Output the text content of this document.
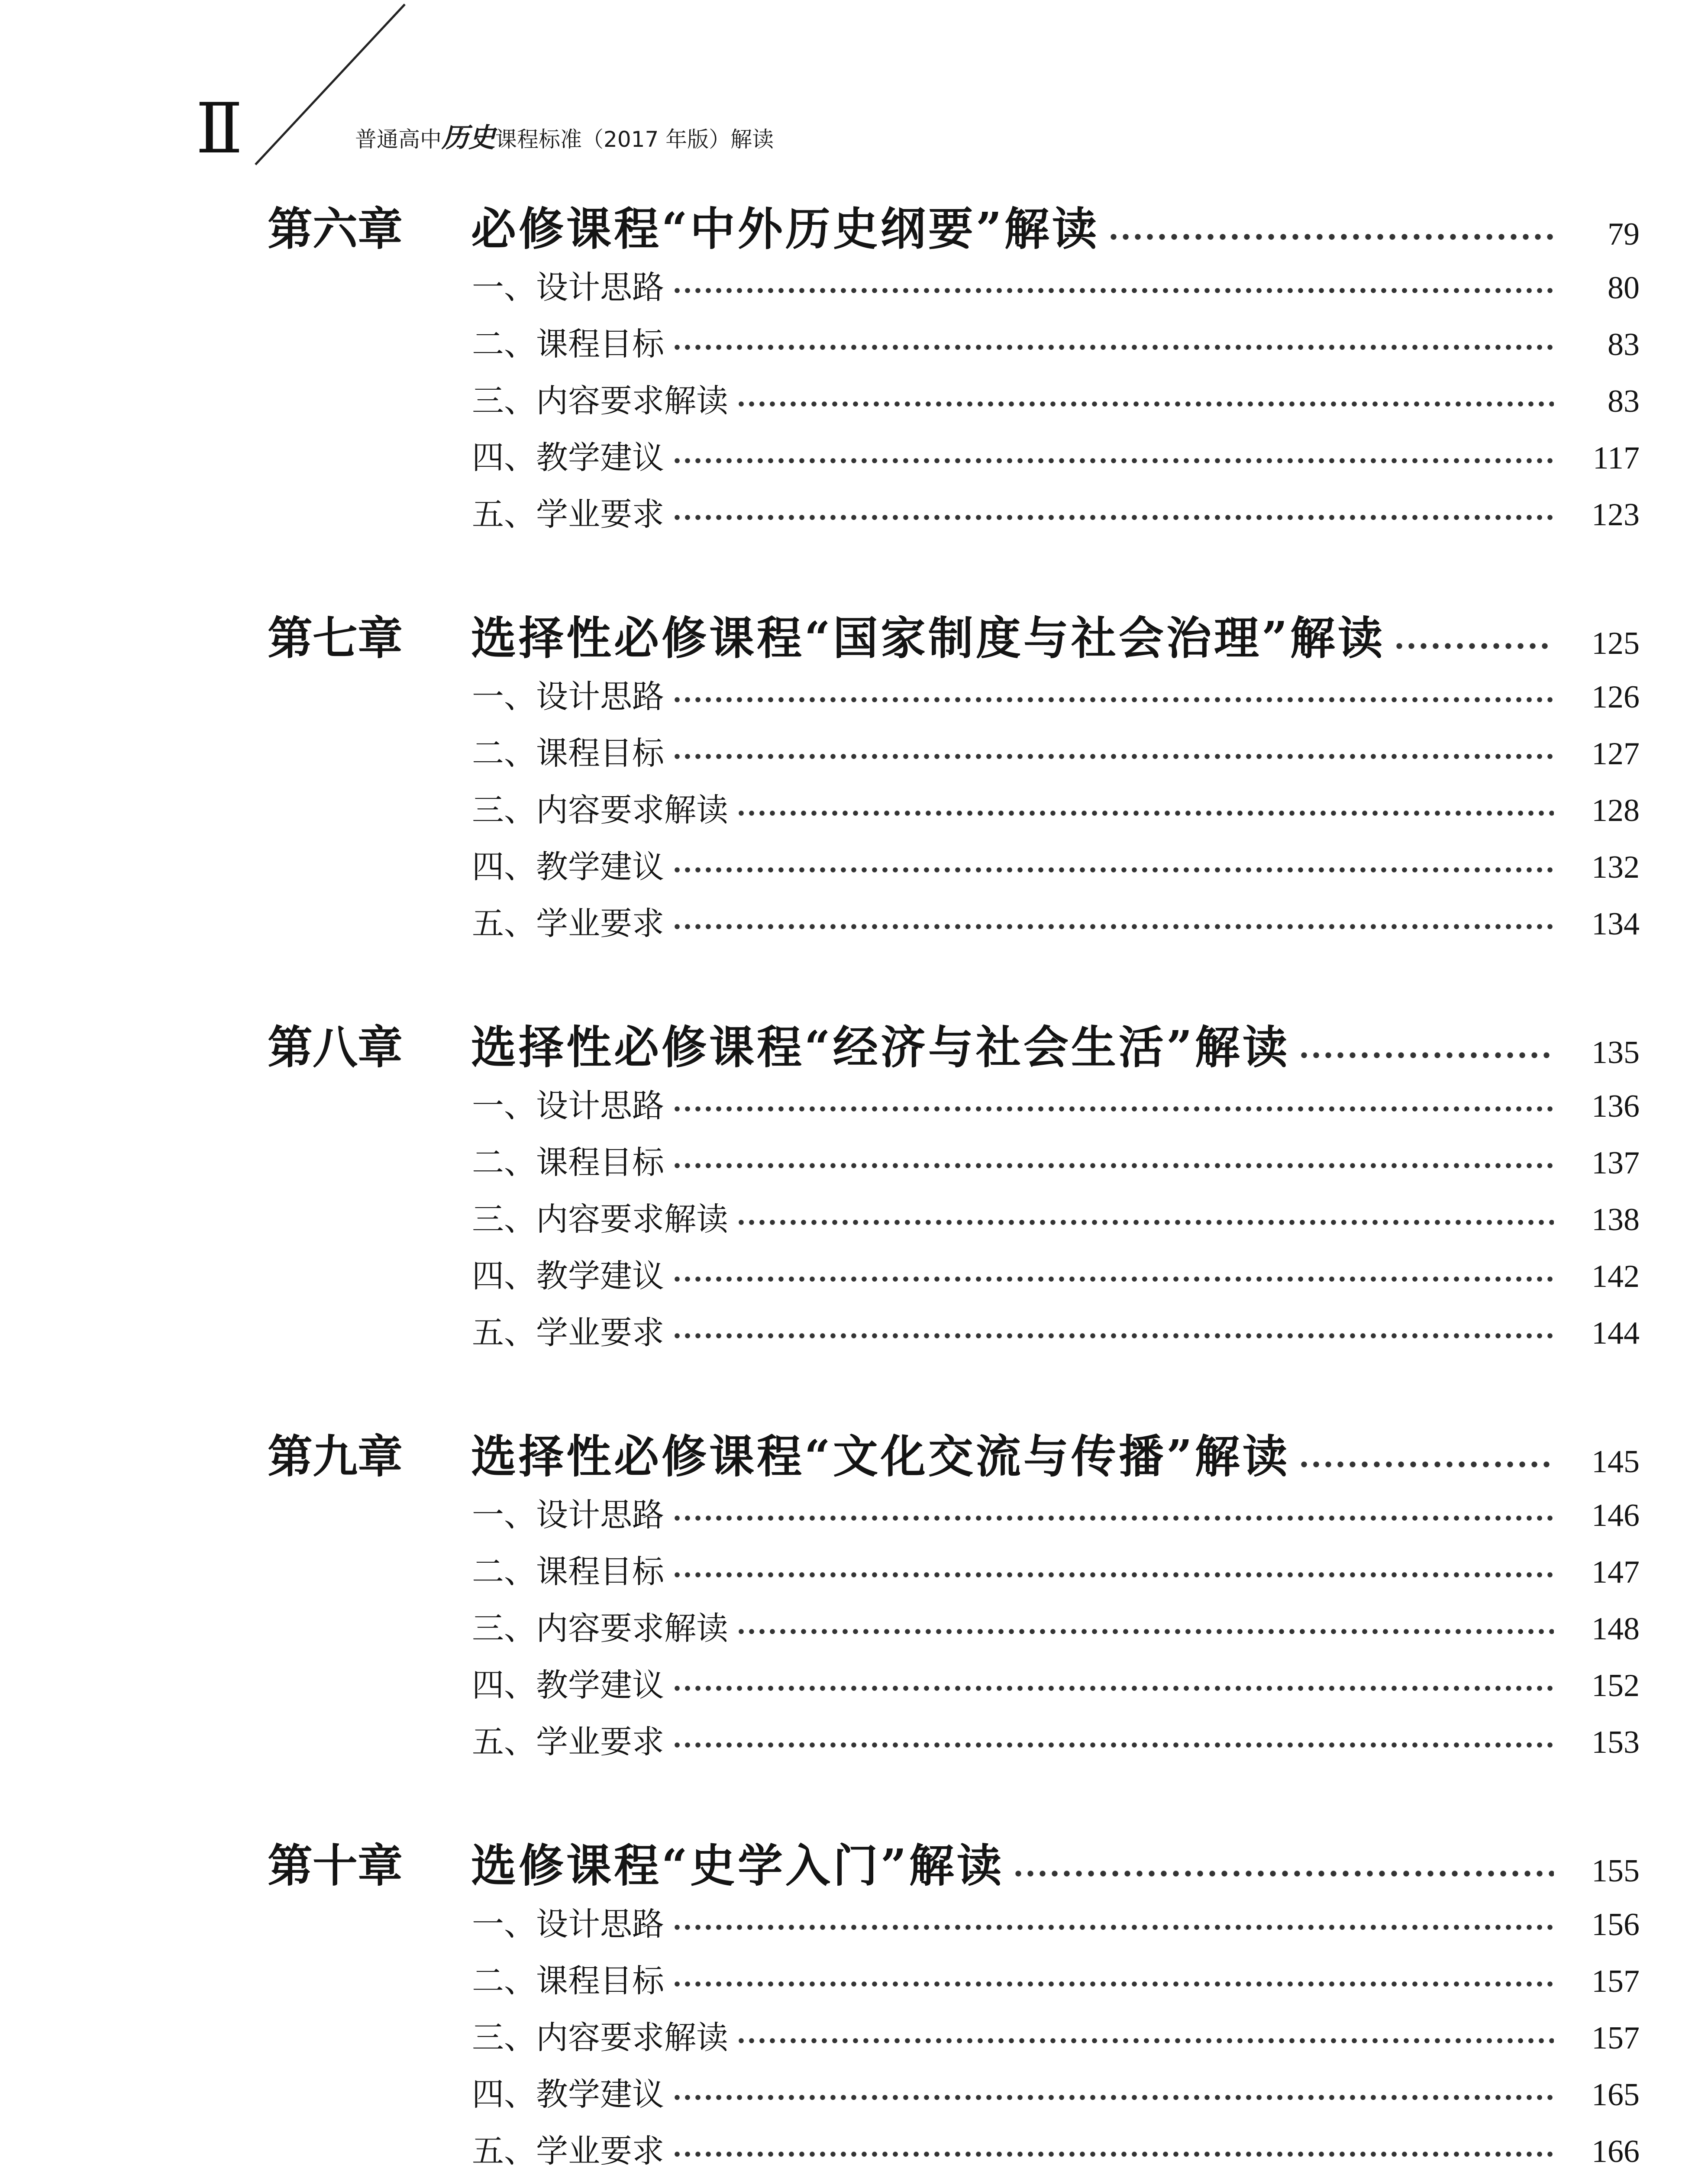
Ⅱ	普通高中历史课程标准（2017 年版）解读
第六章 必修课程“中外历史纲要”解读	79
一、设计思路	80
二、课程目标	83
三、内容要求解读	83
四、教学建议	117
五、学业要求	123
第七章 选择性必修课程“国家制度与社会治理”解读	125
一、设计思路	126
二、课程目标	127
三、内容要求解读	128
四、教学建议	132
五、学业要求	134
第八章 选择性必修课程“经济与社会生活”解读	135
一、设计思路	136
二、课程目标	137
三、内容要求解读	138
四、教学建议	142
五、学业要求	144
第九章 选择性必修课程“文化交流与传播”解读	145
一、设计思路	146
二、课程目标	147
三、内容要求解读	148
四、教学建议	152
五、学业要求	153
第十章 选修课程“史学入门”解读	155
一、设计思路	156
二、课程目标	157
三、内容要求解读	157
四、教学建议	165
五、学业要求	166
